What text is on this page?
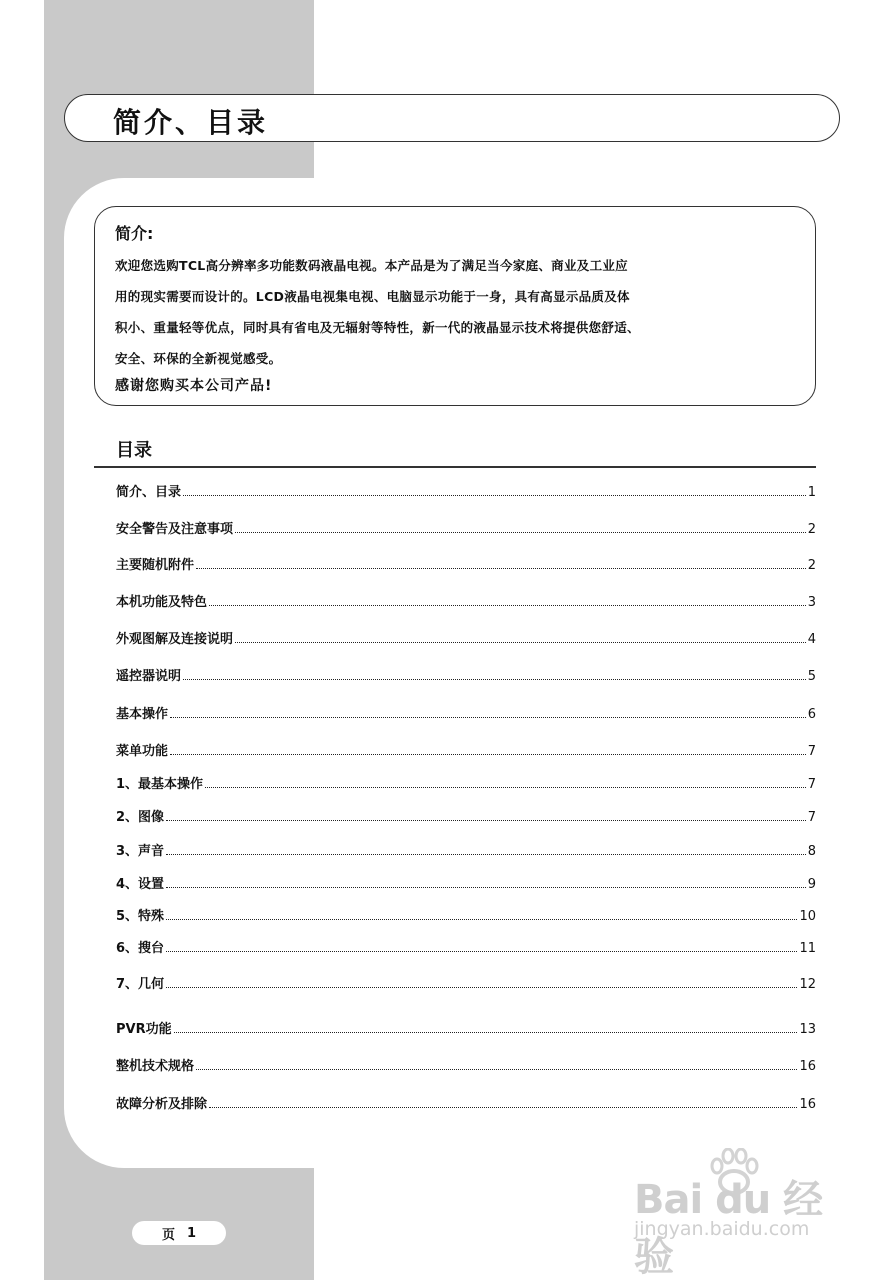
简介、目录
简介:
欢迎您选购TCL高分辨率多功能数码液晶电视。本产品是为了满足当今家庭、商业及工业应
用的现实需要而设计的。LCD液晶电视集电视、电脑显示功能于一身，具有高显示品质及体
积小、重量轻等优点，同时具有省电及无辐射等特性，新一代的液晶显示技术将提供您舒适、
安全、环保的全新视觉感受。
感谢您购买本公司产品!
目录
简介、目录	1
安全警告及注意事项	2
主要随机附件	2
本机功能及特色	3
外观图解及连接说明	4
遥控器说明	5
基本操作	6
菜单功能	7
1、最基本操作	7
2、图像	7
3、声音	8
4、设置	9
5、特殊	10
6、搜台	11
7、几何	12
PVR功能	13
整机技术规格	16
故障分析及排除	16
页 1
Bai du 经验
jingyan.baidu.com
